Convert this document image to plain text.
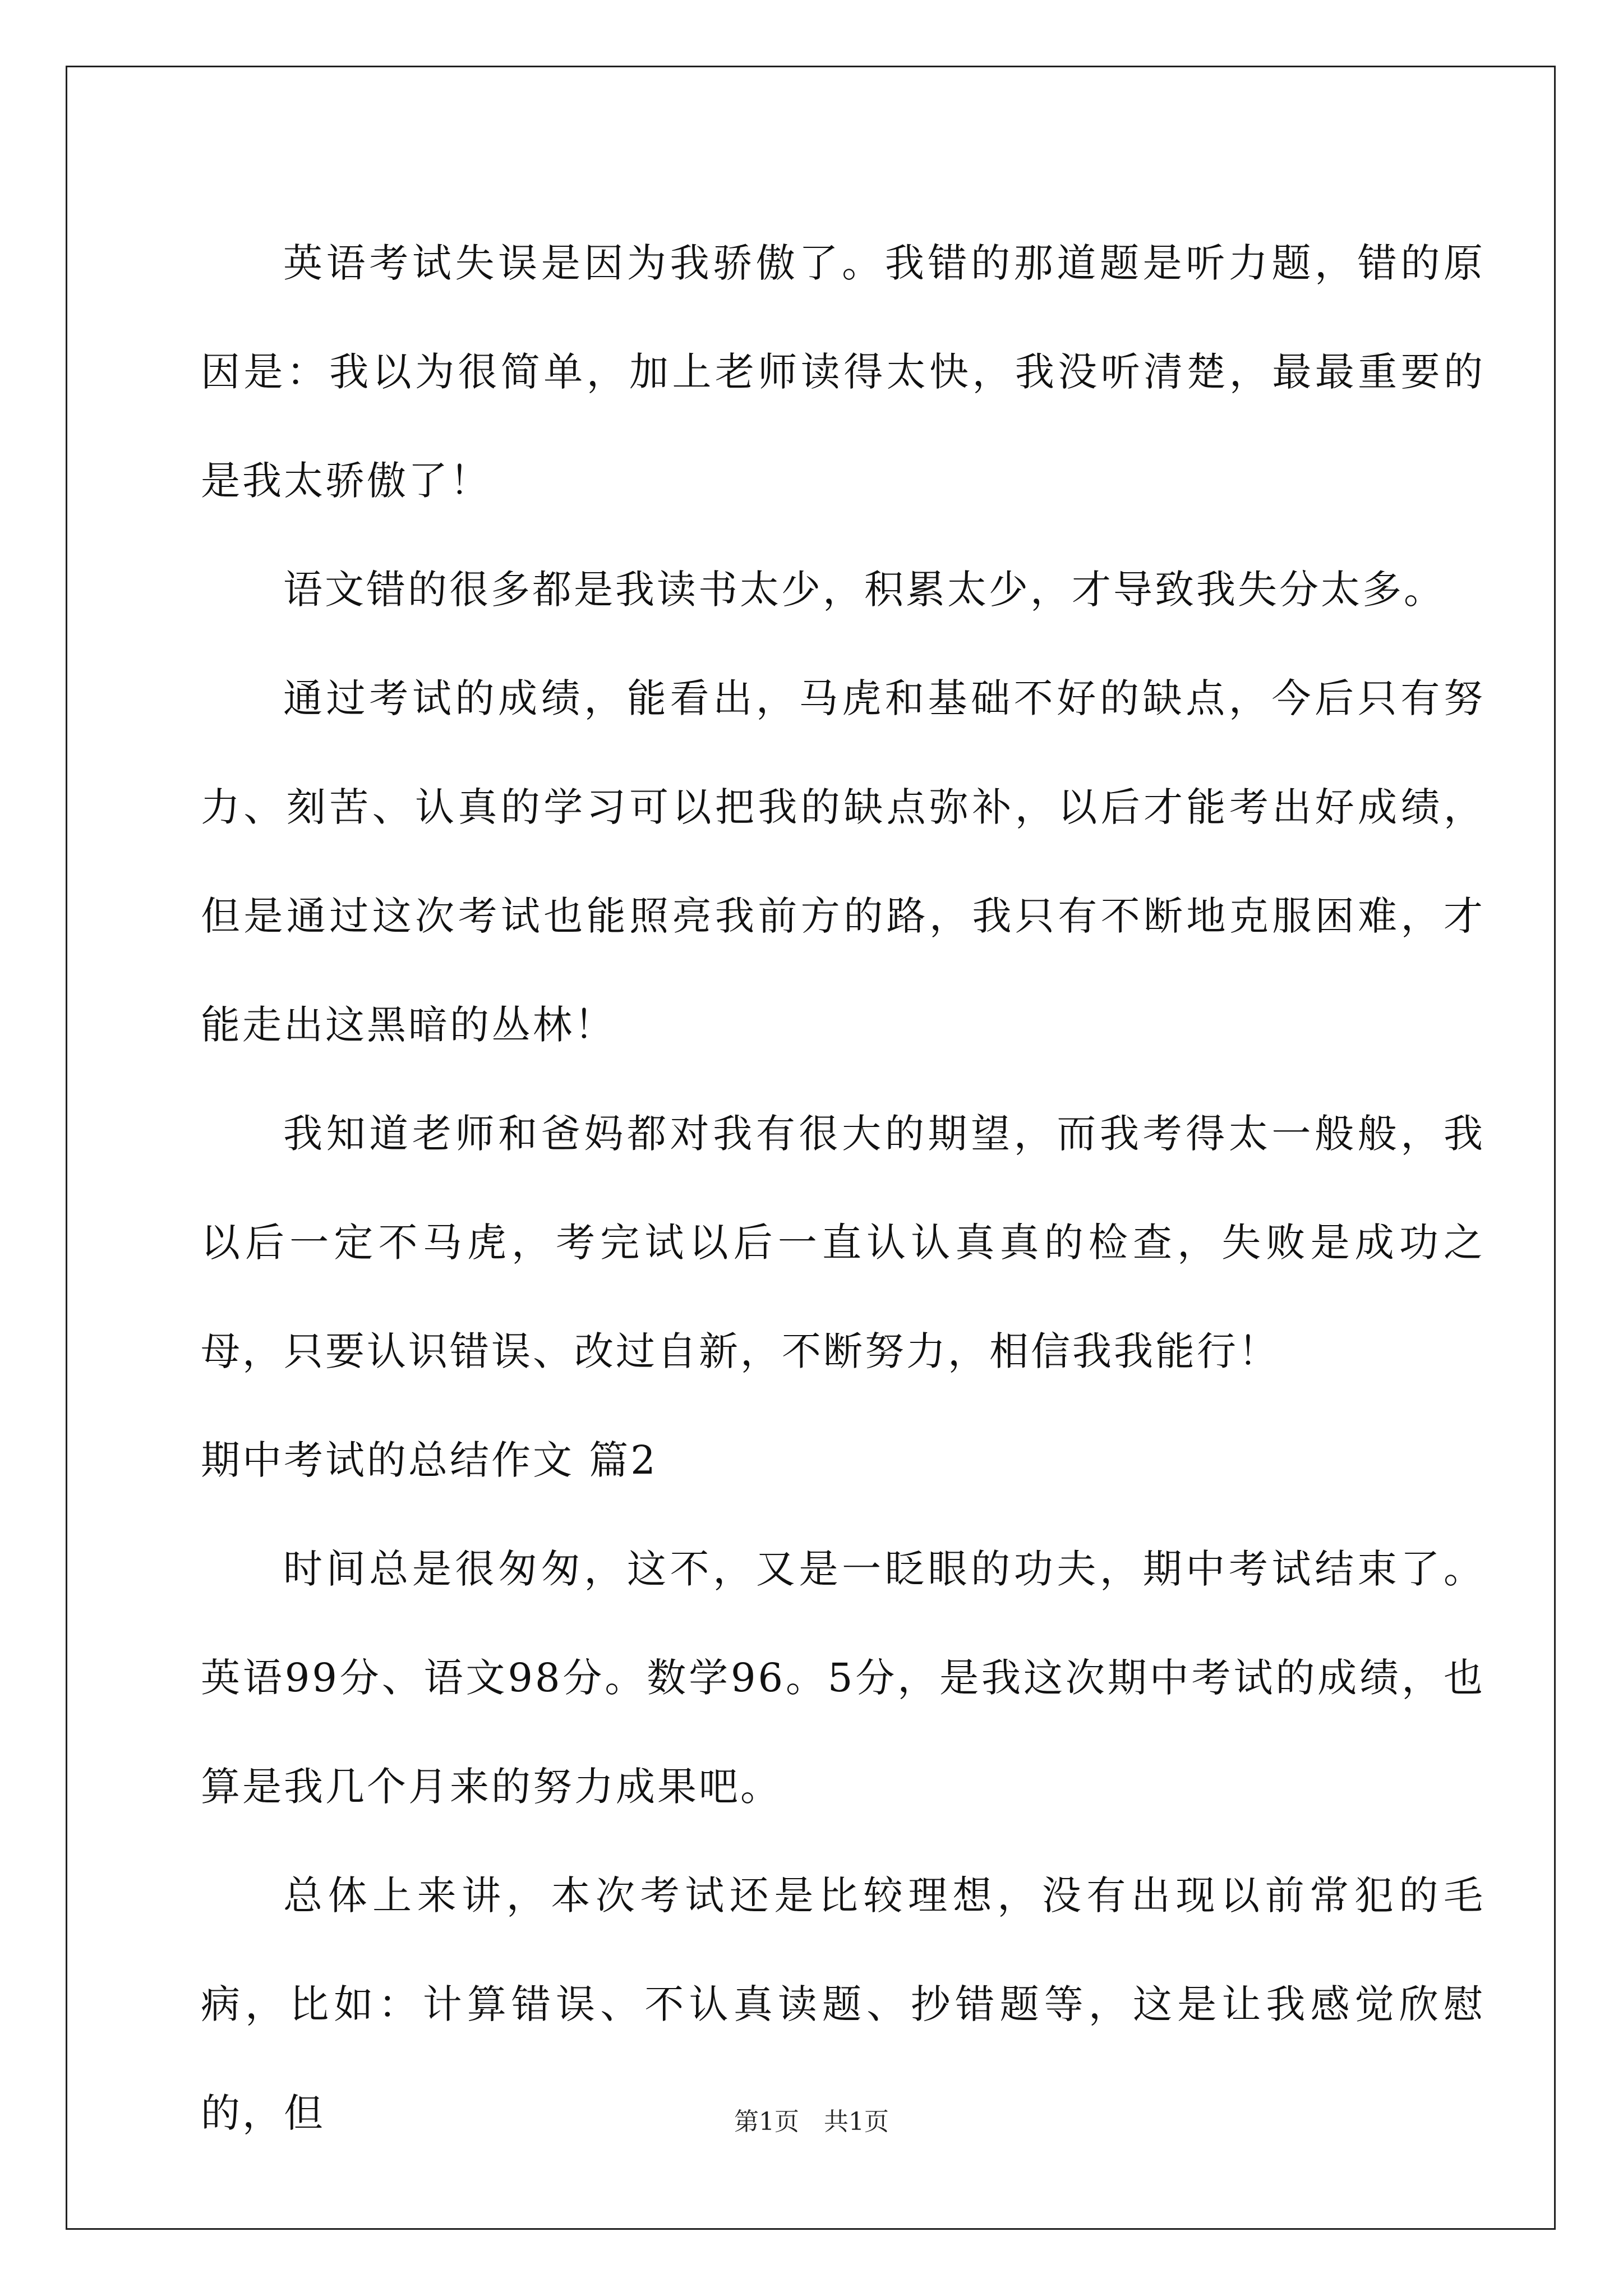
英语考试失误是因为我骄傲了。我错的那道题是听力题，错的原因是：我以为很简单，加上老师读得太快，我没听清楚，最最重要的是我太骄傲了！

语文错的很多都是我读书太少，积累太少，才导致我失分太多。

通过考试的成绩，能看出，马虎和基础不好的缺点，今后只有努力、刻苦、认真的学习可以把我的缺点弥补，以后才能考出好成绩，但是通过这次考试也能照亮我前方的路，我只有不断地克服困难，才能走出这黑暗的丛林！

我知道老师和爸妈都对我有很大的期望，而我考得太一般般，我以后一定不马虎，考完试以后一直认认真真的检查，失败是成功之母，只要认识错误、改过自新，不断努力，相信我我能行！

期中考试的总结作文 篇2

时间总是很匆匆，这不，又是一眨眼的功夫，期中考试结束了。英语99分、语文98分。数学96。5分，是我这次期中考试的成绩，也算是我几个月来的努力成果吧。

总体上来讲，本次考试还是比较理想，没有出现以前常犯的毛病，比如：计算错误、不认真读题、抄错题等，这是让我感觉欣慰的，但	第1页　共1页
